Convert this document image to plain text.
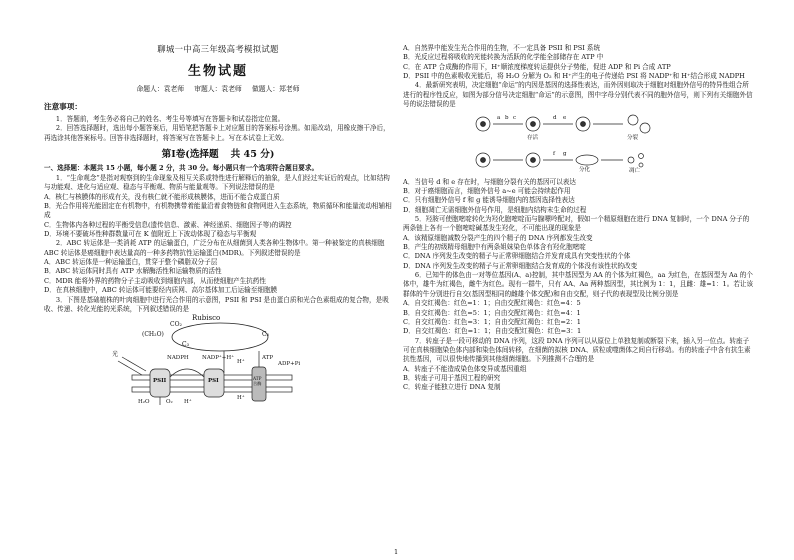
聊城一中高三年级高考模拟试题

生物试题

命题人：袁老师 审题人：袁老师 做题人：郑老师

注意事项：

1．答题前，考生务必将自己的姓名、考生号等填写在答题卡和试卷指定位置。

2．回答选择题时，选出每小题答案后，用铅笔把答题卡上对应题目的答案标号涂黑。如需改动，用橡皮擦干净后，再选涂其他答案标号。回答非选择题时，将答案写在答题卡上。写在本试卷上无效。

第Ⅰ卷(选择题 共 45 分)

一、选择题：本题共 15 小题，每小题 2 分，共 30 分。每小题只有一个选项符合题目要求。

1．“生命观念”是指对观察到的生命现象及相互关系或特性进行解释后的抽象，是人们经过实证后的观点，比如结构与功能观、进化与适应观、稳态与平衡观、物质与能量观等。下列说法错误的是

A．核仁与核膜体的形成有关，没有核仁就不能形成核膜体，进而不能合成蛋白质

B．光合作用将光能固定在有机物中，有机物携带着能量沿着食物链和食物网进入生态系统，物质循环和能量流动相辅相成

C．生物体内各种过程的平衡受信息(遗传信息、激素、神经递质、细胞因子等)的调控

D．环境不要破坏性种群数量可在 K 值附近上下波动体现了稳态与平衡观

2．ABC 转运体是一类消耗 ATP 的运输蛋白，广泛分布在从细菌到人类各种生物体中。第一种被鉴定的真核细胞 ABC 转运体是癌细胞中表达量高的一种多药物抗性运输蛋白(MDR)。下列叙述错误的是

A．ABC 转运体是一种运输蛋白，贯穿于整个磷脂双分子层

B．ABC 转运体同时具有 ATP 水解酶活性和运输物质的活性

C．MDR 能将外界的药物分子主动吸收到细胞内部，从而使细胞产生抗药性

D．在真核细胞中，ABC 转运体可能要经内质网、高尔基体加工后运输至细胞膜

3．下图是基础植株的叶肉细胞中进行光合作用的示意图，PSII 和 PSI 是由蛋白质和光合色素组成的复合物，是吸收、传递、转化光能的光系统，下列叙述错误的是

Rubisco
CO₂
(CH₂O)
C₃
C₅
NADP⁺+H⁺
NADPH	ATP
ADP+Pi
H⁺
H⁺
PSII	PSI	ATP合酶
H₂O	O₂ H⁺
光

A．自然界中能发生光合作用的生物，不一定具备 PSII 和 PSI 系统

B．光反应过程将吸收的光能转换为活跃的化学能全部储存在 ATP 中

C．在 ATP 合成酶的作用下，H⁺顺浓度梯度转运提供分子势能，促进 ADP 和 Pi 合成 ATP

D．PSII 中的色素吸收光能后，将 H₂O 分解为 O₂ 和 H⁺产生的电子传递给 PSI 将 NADP⁺和 H⁺结合形成 NADPH

4．最新研究表明，决定细胞“命运”的内因是基因的选择性表达，而外因则取决于细胞对细胞外信号的特异性组合所进行的程序性反应，如图为部分信号决定细胞“命运”的示意图，图中字母分别代表不同的胞外信号，则下列有关细胞外信号的说法错误的是

a b c	d e
f g
存活	分裂
分化	凋亡

A．当信号 d 和 e 存在时，与细胞分裂有关的基因可以表达

B．对于癌细胞而言，细胞外信号 a~e 可能会持续起作用

C．只有细胞外信号 f 和 g 能诱导细胞内的基因选择性表达

D．细胞凋亡无需细胞外信号作用，是细胞内结构末生命的过程

5．羟胺可使胞嘧啶转化为羟化胞嘧啶而与腺嘌呤配对，假如一个精原细胞在进行 DNA 复制时，一个 DNA 分子的两条链上各有一个胞嘧啶碱基发生羟化，不可能出现的现象是

A．该精原细胞减数分裂产生的四个精子的 DNA 序列都发生改变

B．产生的初级精母细胞中有两条姐妹染色单体含有羟化胞嘧啶

C．DNA 序列发生改变的精子与正常卵细胞结合并发育成具有突变性状的个体

D．DNA 序列发生改变的精子与正常卵细胞结合发育成的个体没有该性状的改变

6．已知牛的体色由一对等位基因(A、a)控制，其中基因型为 AA 的个体为红褐色，aa 为红色，在基因型为 Aa 的个体中，雄牛为红褐色，雌牛为红色。现有一群牛，只有 AA、Aa 两种基因型，其比例为 1：1，且雌：雄=1：1。若让该群体的牛分别进行自交(基因型相同的雌雄个体交配)和自由交配，则子代的表现型及比例分别是

A．自交红褐色：红色=1：1；自由交配红褐色：红色=4：5

B．自交红褐色：红色=5：1；自由交配红褐色：红色=4：1

C．自交红褐色：红色=3：1；自由交配红褐色：红色=2：1

D．自交红褐色：红色=1：1；自由交配红褐色：红色=3：1

7．转座子是一段可移动的 DNA 序列，这段 DNA 序列可以从原位上单独复制或断裂下来，插入另一位点。转座子可在真核细胞染色体内部和染色体间转移，在细菌的拟核 DNA、质粒或噬菌体之间自行移动。有的转座子中含有抗生素抗性基因，可以很快地传播到其他细菌细胞。下列推测不合理的是

A．转座子不能造成染色体变异或基因重组

B．转座子可用于基因工程的研究

C．转座子能独立进行 DNA 复制

1
